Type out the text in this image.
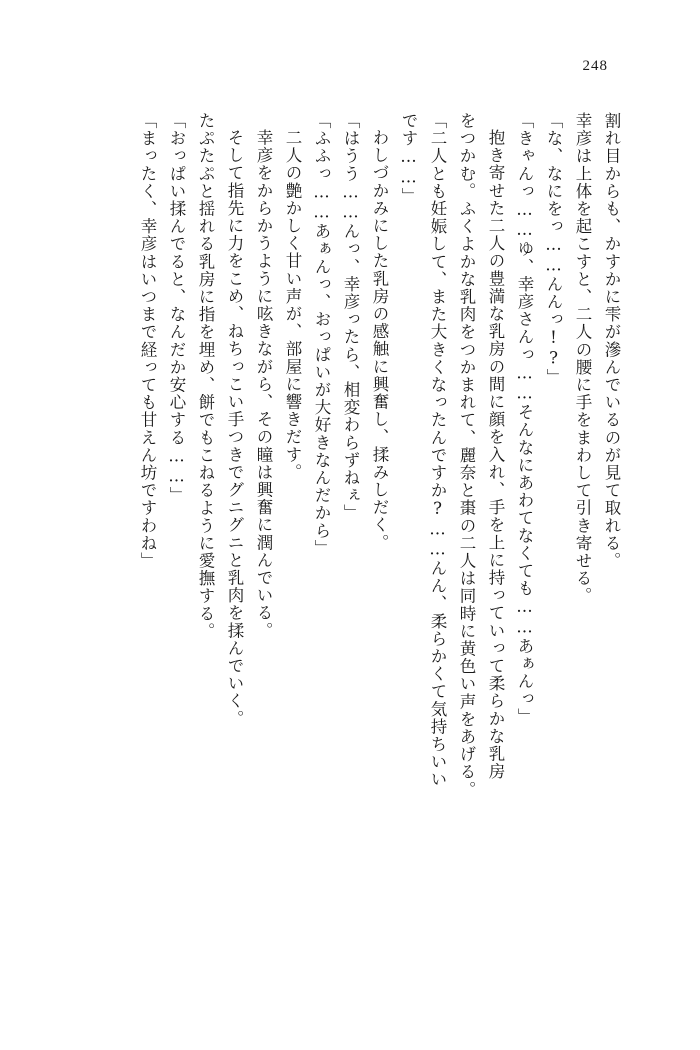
248
割れ目からも、かすかに雫が滲んでいるのが見て取れる。
幸彦は上体を起こすと、二人の腰に手をまわして引き寄せる。
「な、なにをっ……んんっ!?」
「きゃんっ……ゆ、幸彦さんっ……そんなにあわてなくても……あぁんっ」
抱き寄せた二人の豊満な乳房の間に顔を入れ、手を上に持っていって柔らかな乳房
をつかむ。ふくよかな乳肉をつかまれて、麗奈と棗の二人は同時に黄色い声をあげる。
「二人とも妊娠して、また大きくなったんですか?……んん、柔らかくて気持ちいい
です……」
わしづかみにした乳房の感触に興奮し、揉みしだく。
「はうう……んっ、幸彦ったら、相変わらずねぇ」
「ふふっ……あぁんっ、おっぱいが大好きなんだから」
二人の艶かしく甘い声が、部屋に響きだす。
幸彦をからかうように呟きながら、その瞳は興奮に潤んでいる。
そして指先に力をこめ、ねちっこい手つきでグニグニと乳肉を揉んでいく。
たぷたぷと揺れる乳房に指を埋め、餅でもこねるように愛撫する。
「おっぱい揉んでると、なんだか安心する……」
「まったく、幸彦はいつまで経っても甘えん坊ですわね」
